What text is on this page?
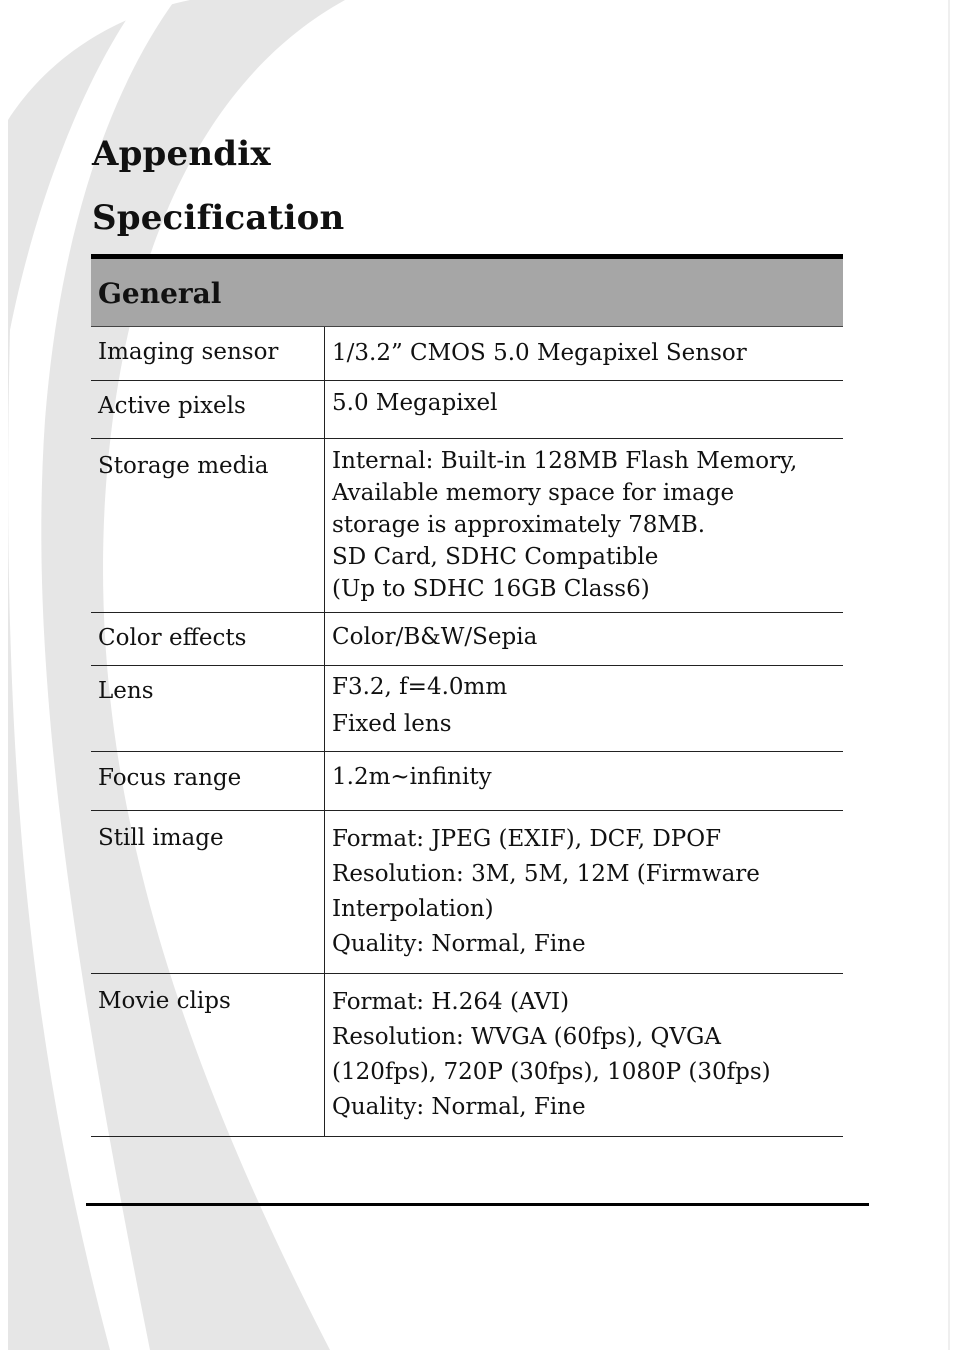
Appendix
Specification
General
Imaging sensor	1/3.2” CMOS 5.0 Megapixel Sensor
Active pixels	5.0 Megapixel
Storage media	Internal: Built-in 128MB Flash Memory,
Available memory space for image
storage is approximately 78MB.
SD Card, SDHC Compatible
(Up to SDHC 16GB Class6)
Color effects	Color/B&W/Sepia
Lens	F3.2, f=4.0mm
Fixed lens
Focus range	1.2m~infinity
Still image	Format: JPEG (EXIF), DCF, DPOF
Resolution: 3M, 5M, 12M (Firmware
Interpolation)
Quality: Normal, Fine
Movie clips	Format: H.264 (AVI)
Resolution: WVGA (60fps), QVGA
(120fps), 720P (30fps), 1080P (30fps)
Quality: Normal, Fine
